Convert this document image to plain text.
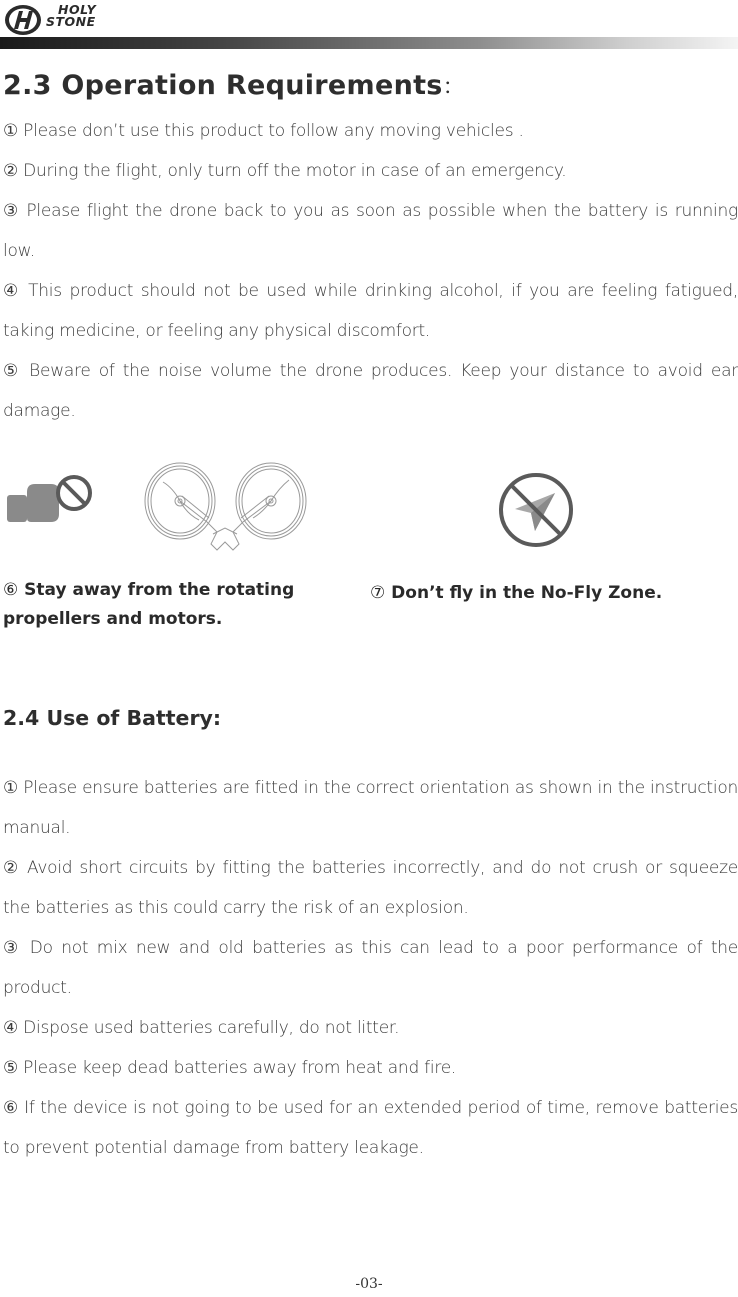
HOLY
STONE
2.3 Operation Requirements：
① Please don’t use this product to follow any moving vehicles .
② During the flight, only turn off the motor in case of an emergency.
③ Please flight the drone back to you as soon as possible when the battery is running low.
④ This product should not be used while drinking alcohol, if you are feeling fatigued, taking medicine, or feeling any physical discomfort.
⑤ Beware of the noise volume the drone produces. Keep your distance to avoid ear damage.

⑥ Stay away from the rotating propellers and motors.

⑦ Don’t fly in the No-Fly Zone.

2.4 Use of Battery:
① Please ensure batteries are fitted in the correct orientation as shown in the instruction manual.
② Avoid short circuits by fitting the batteries incorrectly, and do not crush or squeeze the batteries as this could carry the risk of an explosion.
③ Do not mix new and old batteries as this can lead to a poor performance of the product.
④ Dispose used batteries carefully, do not litter.
⑤ Please keep dead batteries away from heat and fire.
⑥ If the device is not going to be used for an extended period of time, remove batteries to prevent potential damage from battery leakage.
-03-
